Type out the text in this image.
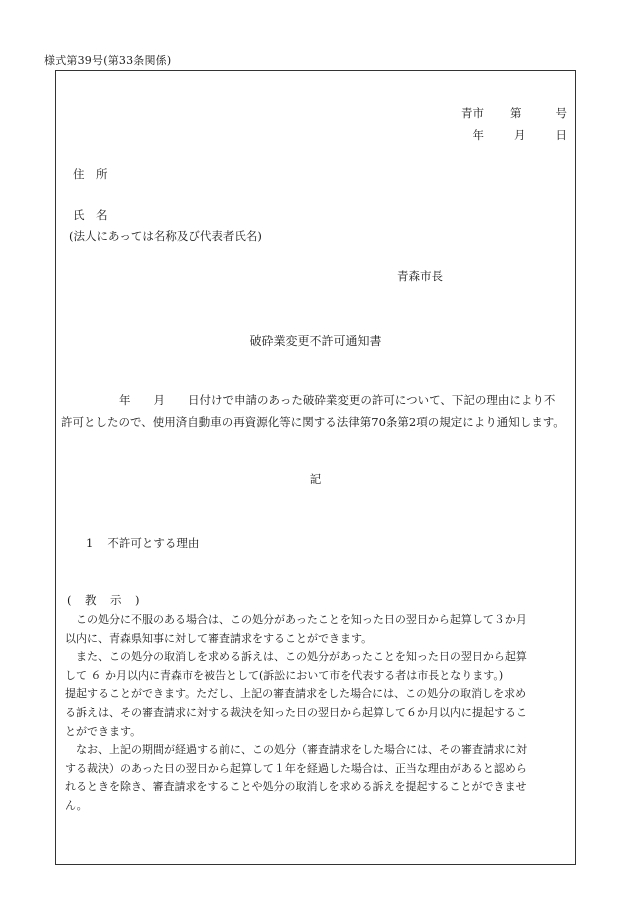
様式第39号(第33条関係)
青市 第	号
年	月	日
住　所
氏　名
(法人にあっては名称及び代表者氏名)
青森市長
破砕業変更不許可通知書
年　　月　　日付けで申請のあった破砕業変更の許可について、下記の理由により不
許可としたので、使用済自動車の再資源化等に関する法律第70条第2項の規定により通知します。
記
1 不許可とする理由
(　教　示　)
この処分に不服のある場合は、この処分があったことを知った日の翌日から起算して３か月
以内に、青森県知事に対して審査請求をすることができます。
また、この処分の取消しを求める訴えは、この処分があったことを知った日の翌日から起算
して ６ か月以内に青森市を被告として(訴訟において市を代表する者は市長となります。)
提起することができます。ただし、上記の審査請求をした場合には、この処分の取消しを求め
る訴えは、その審査請求に対する裁決を知った日の翌日から起算して６か月以内に提起するこ
とができます。
なお、上記の期間が経過する前に、この処分（審査請求をした場合には、その審査請求に対
する裁決）のあった日の翌日から起算して１年を経過した場合は、正当な理由があると認めら
れるときを除き、審査請求をすることや処分の取消しを求める訴えを提起することができませ
ん。
